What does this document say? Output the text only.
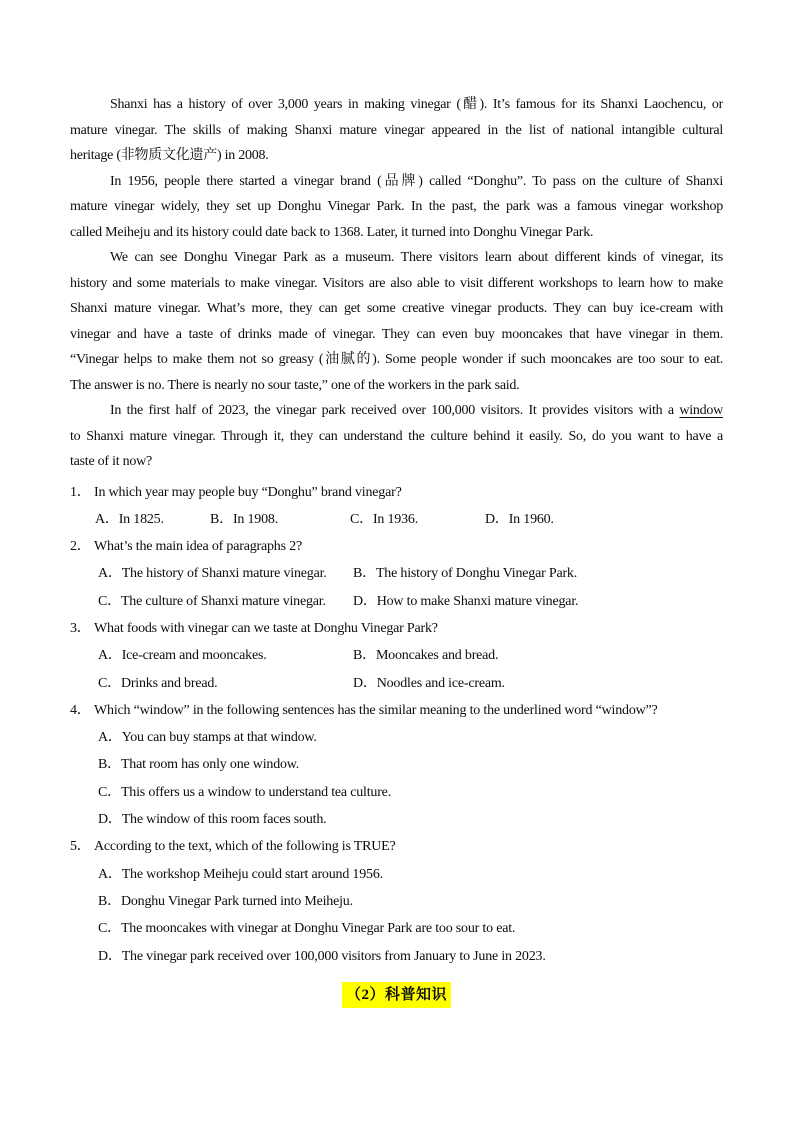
Shanxi has a history of over 3,000 years in making vinegar (醋). It’s famous for its Shanxi Laochencu, or
mature vinegar. The skills of making Shanxi mature vinegar appeared in the list of national intangible cultural
heritage (非物质文化遗产) in 2008.
In 1956, people there started a vinegar brand (品牌) called “Donghu”. To pass on the culture of Shanxi
mature vinegar widely, they set up Donghu Vinegar Park. In the past, the park was a famous vinegar workshop
called Meiheju and its history could date back to 1368. Later, it turned into Donghu Vinegar Park.
We can see Donghu Vinegar Park as a museum. There visitors learn about different kinds of vinegar, its
history and some materials to make vinegar. Visitors are also able to visit different workshops to learn how to make
Shanxi mature vinegar. What’s more, they can get some creative vinegar products. They can buy ice-cream with
vinegar and have a taste of drinks made of vinegar. They can even buy mooncakes that have vinegar in them.
“Vinegar helps to make them not so greasy (油腻的). Some people wonder if such mooncakes are too sour to eat.
The answer is no. There is nearly no sour taste,” one of the workers in the park said.
In the first half of 2023, the vinegar park received over 100,000 visitors. It provides visitors with a window
to Shanxi mature vinegar. Through it, they can understand the culture behind it easily. So, do you want to have a
taste of it now?
1． In which year may people buy “Donghu” brand vinegar?
A．In 1825.	B．In 1908.	C．In 1936.	D．In 1960.
2． What’s the main idea of paragraphs 2?
A．The history of Shanxi mature vinegar. B．The history of Donghu Vinegar Park.
C．The culture of Shanxi mature vinegar. D．How to make Shanxi mature vinegar.
3． What foods with vinegar can we taste at Donghu Vinegar Park?
A．Ice-cream and mooncakes.	B．Mooncakes and bread.
C．Drinks and bread.	D．Noodles and ice-cream.
4． Which “window” in the following sentences has the similar meaning to the underlined word “window”?
A．You can buy stamps at that window.
B．That room has only one window.
C．This offers us a window to understand tea culture.
D．The window of this room faces south.
5． According to the text, which of the following is TRUE?
A．The workshop Meiheju could start around 1956.
B．Donghu Vinegar Park turned into Meiheju.
C．The mooncakes with vinegar at Donghu Vinegar Park are too sour to eat.
D．The vinegar park received over 100,000 visitors from January to June in 2023.
（2）科普知识
